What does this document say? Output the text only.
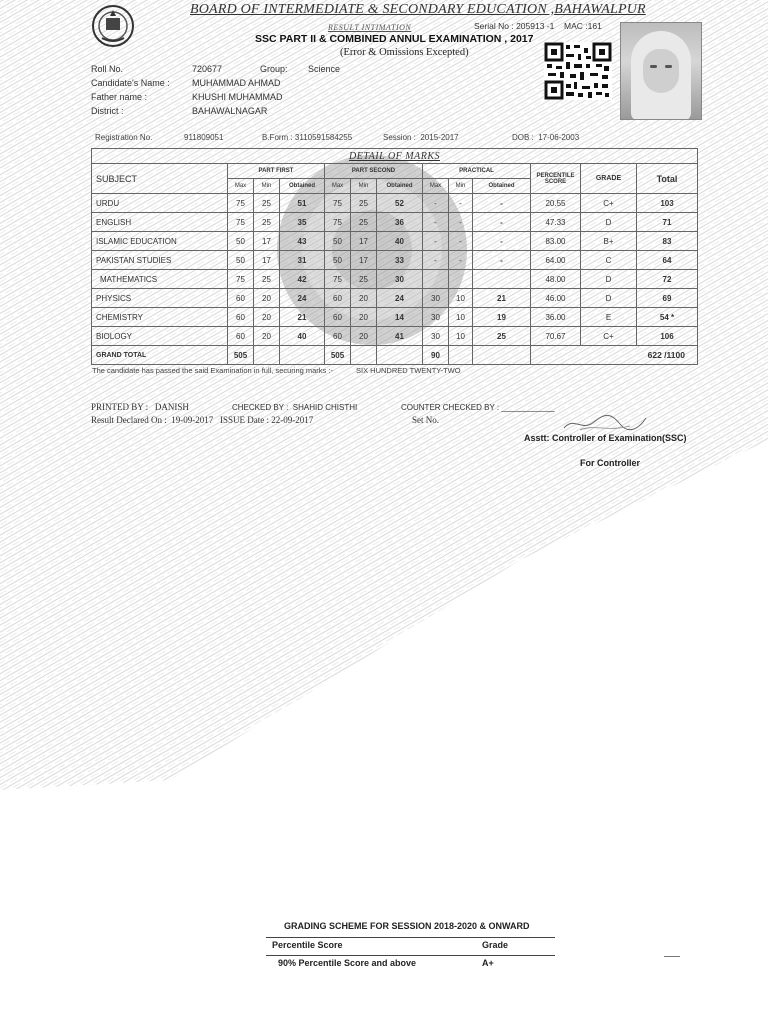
BOARD OF INTERMEDIATE & SECONDARY EDUCATION ,BAHAWALPUR
RESULT INTIMATION	Serial No : 205913 -1 MAC :161
SSC PART II & COMBINED ANNUL EXAMINATION , 2017
(Error & Omissions Excepted)
Roll No.	720677	Group: Science
Candidate's Name : MUHAMMAD AHMAD
Father name :	KHUSHI MUHAMMAD
District :	BAHAWALNAGAR
Registration No.	911809051	B.Form : 3110591584255	Session : 2015-2017	DOB : 17-06-2003
DETAIL OF MARKS												
SUBJECT	PART FIRST			PART SECOND			PRACTICAL			PERCENTILE
SCORE	GRADE	Total
	Max	Min	Obtained	Max	Min	Obtained	Max	Min	Obtained			
URDU	75	25	51	75	25	52	-	-	-	20.55	C+	103
ENGLISH	75	25	35	75	25	36	-	-	-	47.33	D	71
ISLAMIC EDUCATION	50	17	43	50	17	40	-	-	-	83.00	B+	83
PAKISTAN STUDIES	50	17	31	50	17	33	-	-	-	64.00	C	64
MATHEMATICS	75	25	42	75	25	30				48.00	D	72
PHYSICS	60	20	24	60	20	24	30	10	21	46.00	D	69
CHEMISTRY	60	20	21	60	20	14	30	10	19	36.00	E	54 *
BIOLOGY	60	20	40	60	20	41	30	10	25	70.67	C+	106
GRAND TOTAL	505			505			90			622 /1100		
The candidate has passed the said Examination in full, securing marks :-	SIX HUNDRED TWENTY-TWO
PRINTED BY : DANISH	CHECKED BY : SHAHID CHISTHI	COUNTER CHECKED BY : ____________
Result Declared On : 19-09-2017 ISSUE Date : 22-09-2017	Set No.
Asstt: Controller of Examination(SSC)
For Controller
GRADING SCHEME FOR SESSION 2018-2020 & ONWARD
Percentile Score	Grade
90% Percentile Score and above	A+
